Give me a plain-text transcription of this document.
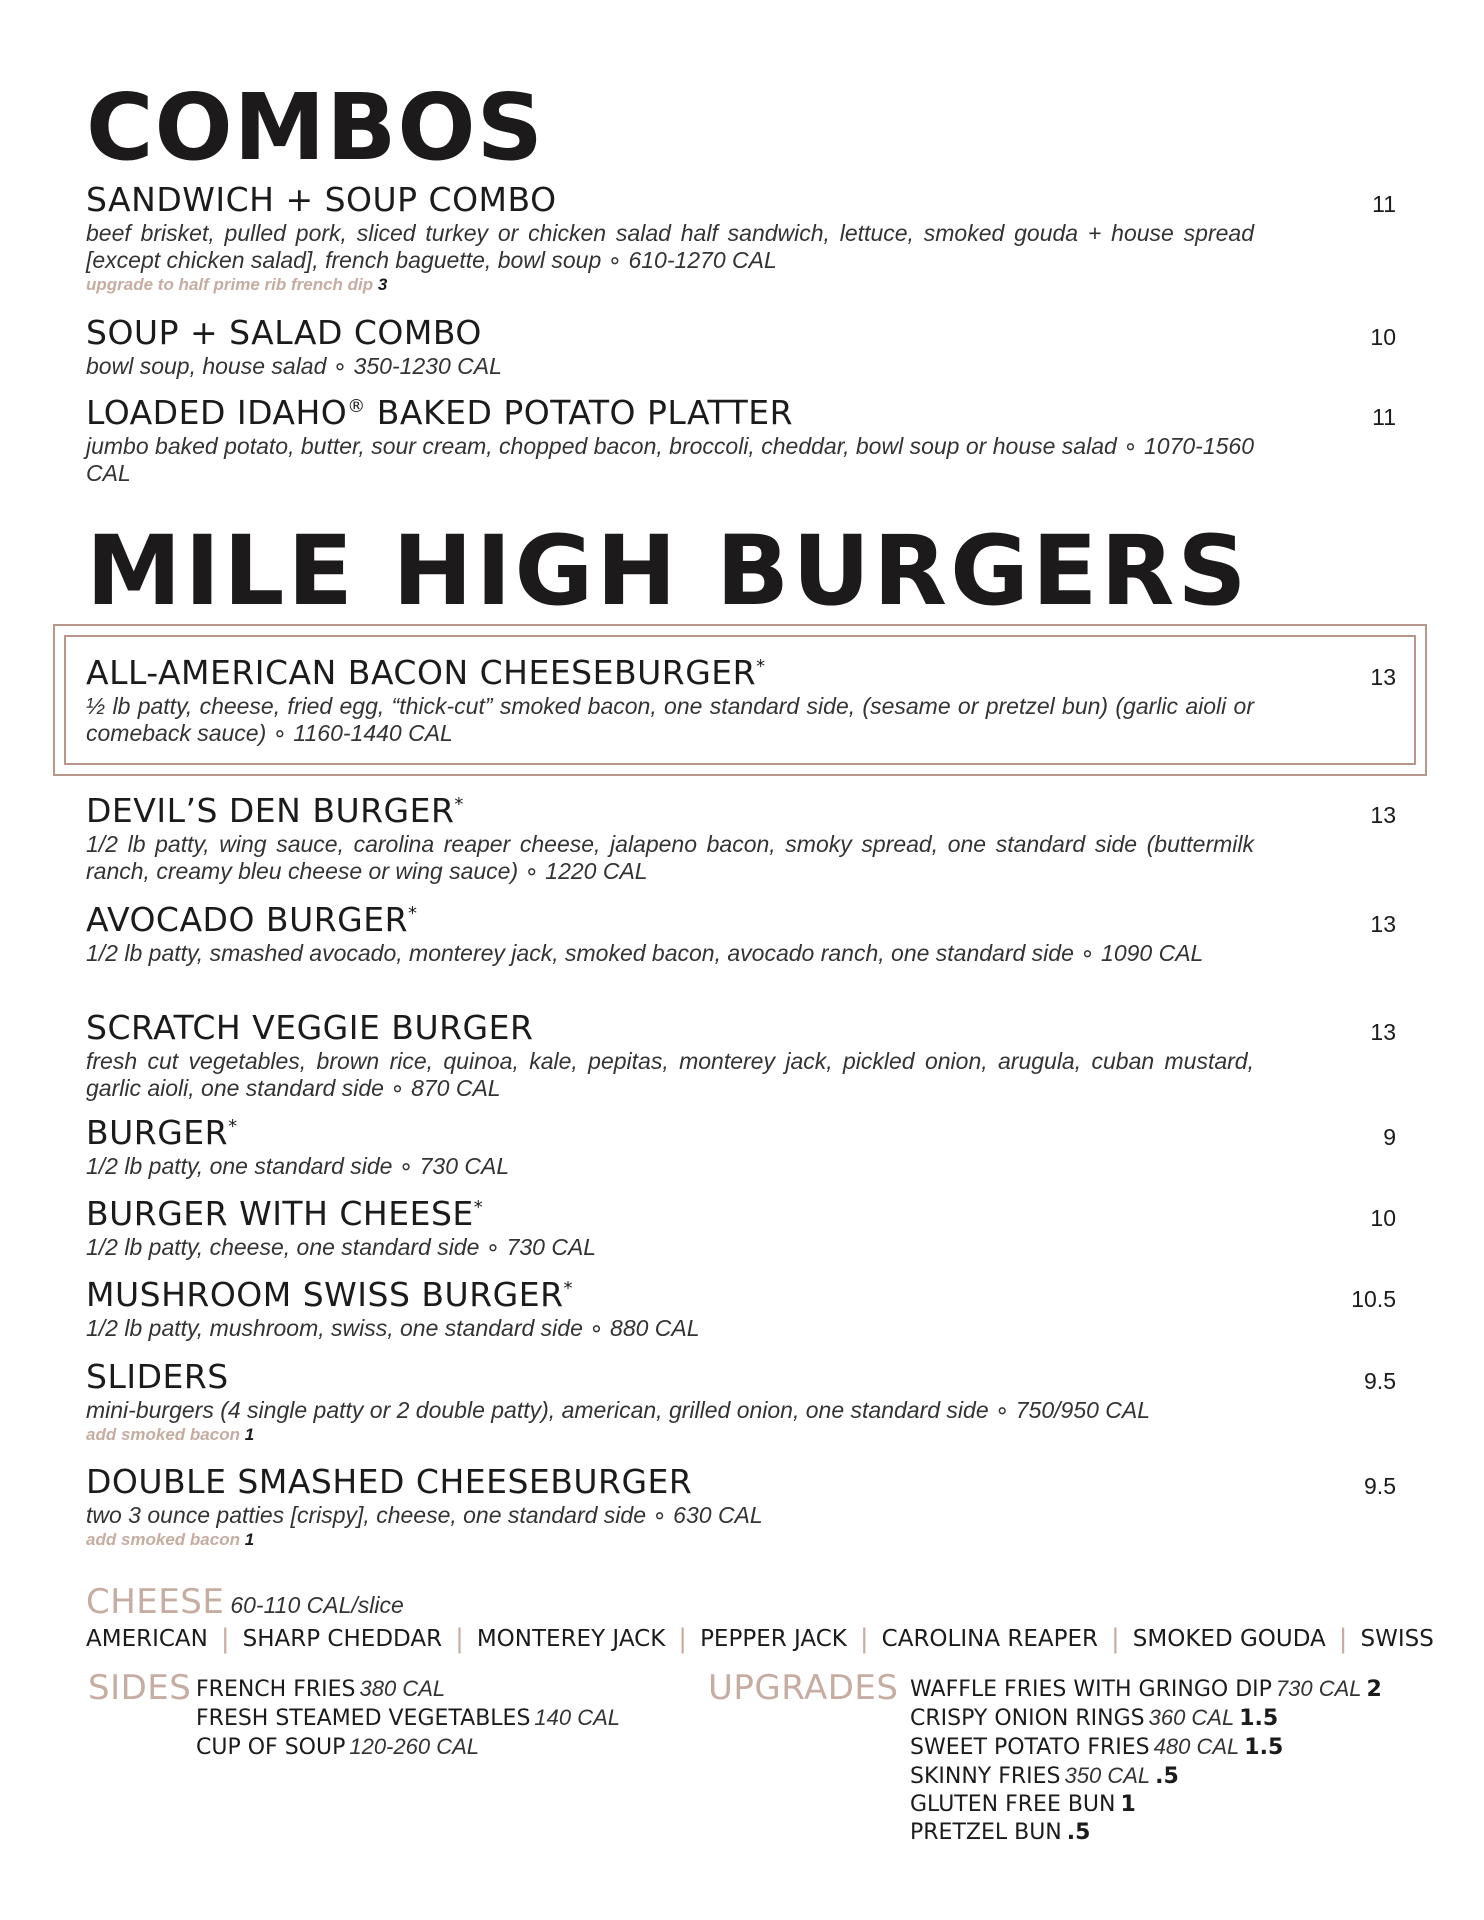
COMBOS
SANDWICH + SOUP COMBO
beef brisket, pulled pork, sliced turkey or chicken salad half sandwich, lettuce, smoked gouda + house spread [except chicken salad], french baguette, bowl soup ∘ 610-1270 CAL
upgrade to half prime rib french dip 3
11
SOUP + SALAD COMBO
bowl soup, house salad ∘ 350-1230 CAL
10
LOADED IDAHO® BAKED POTATO PLATTER
jumbo baked potato, butter, sour cream, chopped bacon, broccoli, cheddar, bowl soup or house salad ∘ 1070-1560 CAL
11
MILE HIGH BURGERS
ALL-AMERICAN BACON CHEESEBURGER*
½ lb patty, cheese, fried egg, “thick-cut” smoked bacon, one standard side, (sesame or pretzel bun) (garlic aioli or comeback sauce) ∘ 1160-1440 CAL
13
DEVIL’S DEN BURGER*
1/2 lb patty, wing sauce, carolina reaper cheese, jalapeno bacon, smoky spread, one standard side (buttermilk ranch, creamy bleu cheese or wing sauce) ∘ 1220 CAL
13
AVOCADO BURGER*
1/2 lb patty, smashed avocado, monterey jack, smoked bacon, avocado ranch, one standard side ∘ 1090 CAL
13
SCRATCH VEGGIE BURGER
fresh cut vegetables, brown rice, quinoa, kale, pepitas, monterey jack, pickled onion, arugula, cuban mustard, garlic aioli, one standard side ∘ 870 CAL
13
BURGER*
1/2 lb patty, one standard side ∘ 730 CAL
9
BURGER WITH CHEESE*
1/2 lb patty, cheese, one standard side ∘ 730 CAL
10
MUSHROOM SWISS BURGER*
1/2 lb patty, mushroom, swiss, one standard side ∘ 880 CAL
10.5
SLIDERS
mini-burgers (4 single patty or 2 double patty), american, grilled onion, one standard side ∘ 750/950 CAL
add smoked bacon 1
9.5
DOUBLE SMASHED CHEESEBURGER
two 3 ounce patties [crispy], cheese, one standard side ∘ 630 CAL
add smoked bacon 1
9.5
CHEESE 60-110 CAL/slice
AMERICAN | SHARP CHEDDAR | MONTEREY JACK | PEPPER JACK | CAROLINA REAPER | SMOKED GOUDA | SWISS
SIDES FRENCH FRIES 380 CAL
FRESH STEAMED VEGETABLES 140 CAL
CUP OF SOUP 120-260 CAL
UPGRADES WAFFLE FRIES WITH GRINGO DIP 730 CAL 2
CRISPY ONION RINGS 360 CAL 1.5
SWEET POTATO FRIES 480 CAL 1.5
SKINNY FRIES 350 CAL .5
GLUTEN FREE BUN 1
PRETZEL BUN .5
